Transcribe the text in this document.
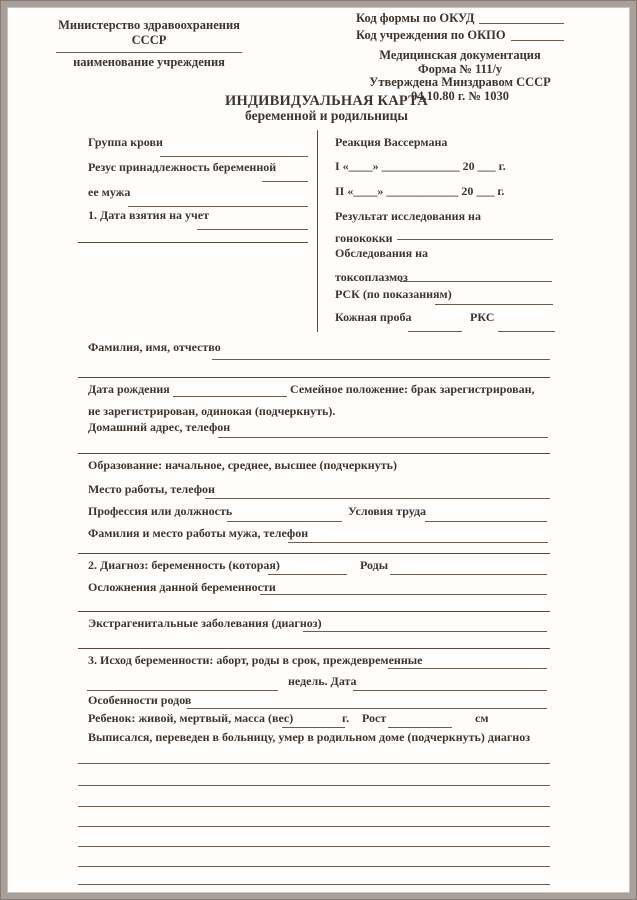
Министерство здравоохранения
СССР
наименование учреждения
Код формы по ОКУД
Код учреждения по ОКПО
Медицинская документация
Форма № 111/у
Утверждена Минздравом СССР
04.10.80 г. № 1030
ИНДИВИДУАЛЬНАЯ КАРТА
беременной и родильницы
Группа крови
Резус принадлежность беременной
ее мужа
1. Дата взятия на учет
Реакция Вассермана
I «____» _____________ 20 ___ г.
II «____» ____________ 20 ___ г.
Результат исследования на
гонококки
Обследования на
токсоплазмоз
РСК (по показаниям)
Кожная проба	РКС
Фамилия, имя, отчество
Дата рождения	Семейное положение: брак зарегистрирован,
не зарегистрирован, одинокая (подчеркнуть).
Домашний адрес, телефон
Образование: начальное, среднее, высшее (подчеркнуть)
Место работы, телефон
Профессия или должность	Условия труда
Фамилия и место работы мужа, телефон
2. Диагноз: беременность (которая)	Роды
Осложнения данной беременности
Экстрагенитальные заболевания (диагноз)
3. Исход беременности: аборт, роды в срок, преждевременные
недель. Дата
Особенности родов
Ребенок: живой, мертвый, масса (вес)	г. Рост	см
Выписался, переведен в больницу, умер в родильном доме (подчеркнуть) диагноз
